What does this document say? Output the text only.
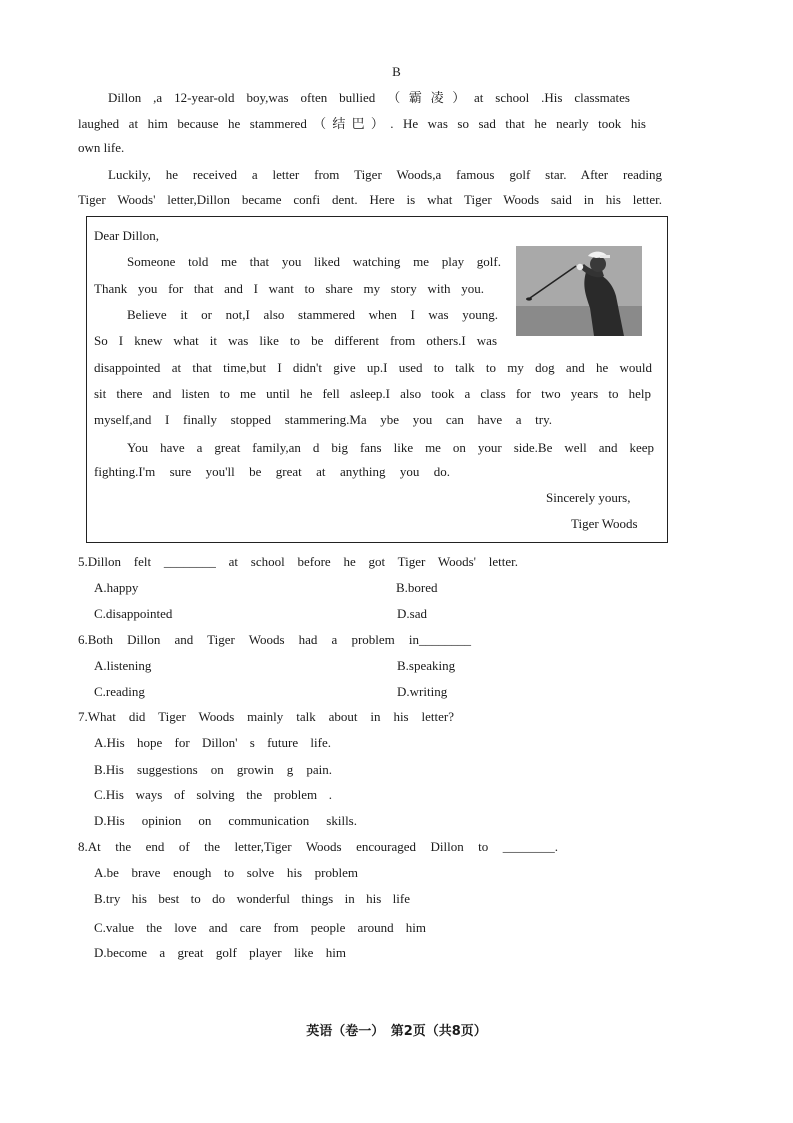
B
Dillon ,a 12-year-old boy,was often bullied （霸凌）at school .His classmates
laughed at him because he stammered（结巴）. He was so sad that he nearly took his
own life.
Luckily, he received a letter from Tiger Woods,a famous golf star. After reading
Tiger Woods' letter,Dillon became confi dent. Here is what Tiger Woods said in his letter.
Dear Dillon,
Someone told me that you liked watching me play golf.
Thank you for that and I want to share my story with you.
Believe it or not,I also stammered when I was young.
So I knew what it was like to be different from others.I was
disappointed at that time,but I didn't give up.I used to talk to my dog and he would
sit there and listen to me until he fell asleep.I also took a class for two years to help
myself,and I finally stopped stammering.Ma ybe you can have a try.
You have a great family,an d big fans like me on your side.Be well and keep
fighting.I'm sure you'll be great at anything you do.
Sincerely yours,
Tiger Woods
5.Dillon felt ________ at school before he got Tiger Woods' letter.
A.happy	B.bored
C.disappointed	D.sad
6.Both Dillon and Tiger Woods had a problem in________
A.listening	B.speaking
C.reading	D.writing
7.What did Tiger Woods mainly talk about in his letter?
A.His hope for Dillon' s future life.
B.His suggestions on growin g pain.
C.His ways of solving the problem .
D.His opinion on communication skills.
8.At the end of the letter,Tiger Woods encouraged Dillon to ________.
A.be brave enough to solve his problem
B.try his best to do wonderful things in his life
C.value the love and care from people around him
D.become a great golf player like him
英语（卷一）　第2页（共8页）
